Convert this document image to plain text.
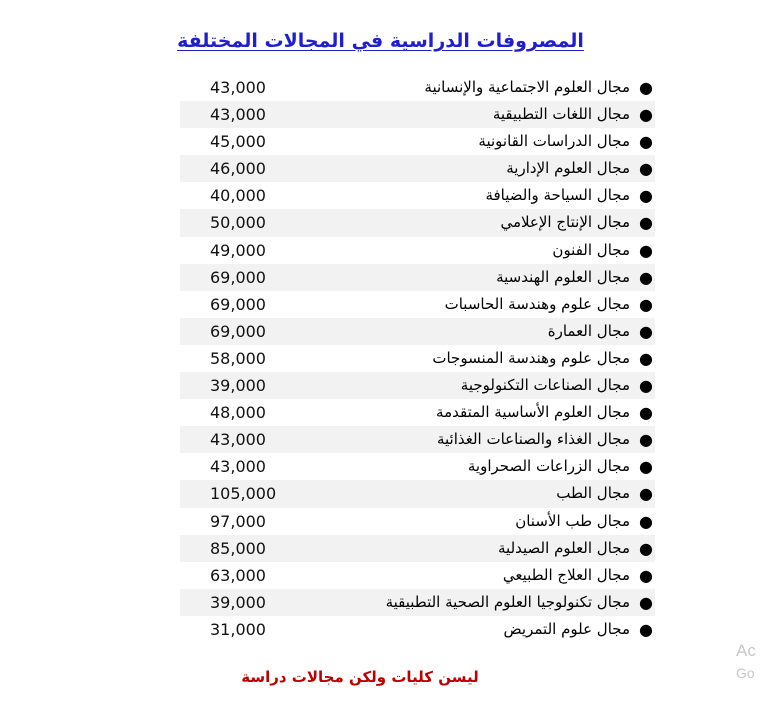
المصروفات الدراسية في المجالات المختلفة
●
مجال العلوم الاجتماعية والإنسانية
43,000
●
مجال اللغات التطبيقية
43,000
●
مجال الدراسات القانونية
45,000
●
مجال العلوم الإدارية
46,000
●
مجال السياحة والضيافة
40,000
●
مجال الإنتاج الإعلامي
50,000
●
مجال الفنون
49,000
●
مجال العلوم الهندسية
69,000
●
مجال علوم وهندسة الحاسبات
69,000
●
مجال العمارة
69,000
●
مجال علوم وهندسة المنسوجات
58,000
●
مجال الصناعات التكنولوجية
39,000
●
مجال العلوم الأساسية المتقدمة
48,000
●
مجال الغذاء والصناعات الغذائية
43,000
●
مجال الزراعات الصحراوية
43,000
●
مجال الطب
105,000
●
مجال طب الأسنان
97,000
●
مجال العلوم الصيدلية
85,000
●
مجال العلاج الطبيعي
63,000
●
مجال تكنولوجيا العلوم الصحية التطبيقية
39,000
●
مجال علوم التمريض
31,000
ليسن كليات ولكن مجالات دراسة
Ac
Go
